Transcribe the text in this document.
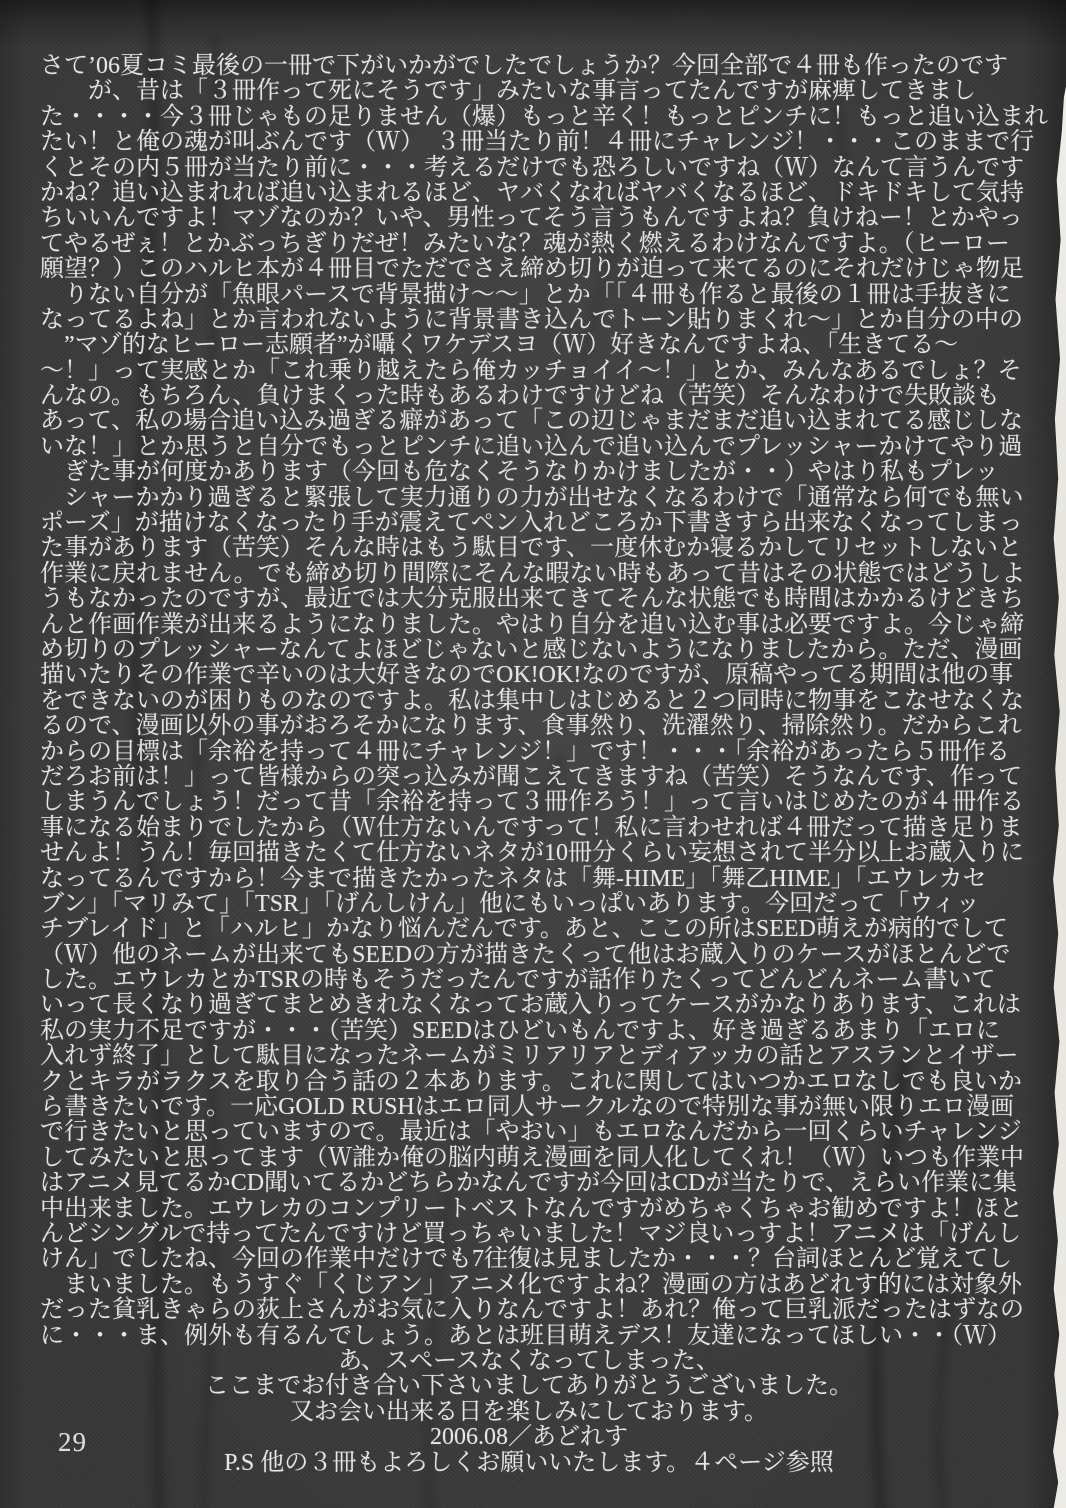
さて’06夏コミ最後の一冊で下がいかがでしたでしょうか？今回全部で４冊も作ったのです
　　が、昔は「３冊作って死にそうです」みたいな事言ってたんですが麻痺してきまし
た・・・・今３冊じゃもの足りません（爆）もっと辛く！もっとピンチに！もっと追い込まれ
たい！と俺の魂が叫ぶんです（Ｗ）　３冊当たり前！４冊にチャレンジ！・・・このままで行
くとその内５冊が当たり前に・・・考えるだけでも恐ろしいですね（Ｗ）なんて言うんです
かね？追い込まれれば追い込まれるほど、ヤバくなればヤバくなるほど、ドキドキして気持
ちいいんですよ！マゾなのか？いや、男性ってそう言うもんですよね？負けねー！とかやっ
てやるぜぇ！とかぶっちぎりだぜ！みたいな？魂が熱く燃えるわけなんですよ。（ヒーロー
願望？）このハルヒ本が４冊目でただでさえ締め切りが迫って来てるのにそれだけじゃ物足
　りない自分が「魚眼パースで背景描け〜〜」とか「「４冊も作ると最後の１冊は手抜きに
なってるよね」とか言われないように背景書き込んでトーン貼りまくれ〜」とか自分の中の
　”マゾ的なヒーロー志願者”が囁くワケデスヨ（Ｗ）好きなんですよね、「生きてる〜
〜！」って実感とか「これ乗り越えたら俺カッチョイイ〜！」とか、みんなあるでしょ？そ
んなの。もちろん、負けまくった時もあるわけですけどね（苦笑）そんなわけで失敗談も
あって、私の場合追い込み過ぎる癖があって「この辺じゃまだまだ追い込まれてる感じしな
いな！」とか思うと自分でもっとピンチに追い込んで追い込んでプレッシャーかけてやり過
　ぎた事が何度かあります（今回も危なくそうなりかけましたが・・）やはり私もプレッ
　シャーかかり過ぎると緊張して実力通りの力が出せなくなるわけで「通常なら何でも無い
ポーズ」が描けなくなったり手が震えてペン入れどころか下書きすら出来なくなってしまっ
た事があります（苦笑）そんな時はもう駄目です、一度休むか寝るかしてリセットしないと
作業に戻れません。でも締め切り間際にそんな暇ない時もあって昔はその状態ではどうしよ
うもなかったのですが、最近では大分克服出来てきてそんな状態でも時間はかかるけどきち
んと作画作業が出来るようになりました。やはり自分を追い込む事は必要ですよ。今じゃ締
め切りのプレッシャーなんてよほどじゃないと感じないようになりましたから。ただ、漫画
描いたりその作業で辛いのは大好きなのでOK!OK!なのですが、原稿やってる期間は他の事
をできないのが困りものなのですよ。私は集中しはじめると２つ同時に物事をこなせなくな
るので、漫画以外の事がおろそかになります、食事然り、洗濯然り、掃除然り。だからこれ
からの目標は「余裕を持って４冊にチャレンジ！」です！・・・「余裕があったら５冊作る
だろお前は！」って皆様からの突っ込みが聞こえてきますね（苦笑）そうなんです、作って
しまうんでしょう！だって昔「余裕を持って３冊作ろう！」って言いはじめたのが４冊作る
事になる始まりでしたから（Ｗ仕方ないんですって！私に言わせれば４冊だって描き足りま
せんよ！うん！毎回描きたくて仕方ないネタが10冊分くらい妄想されて半分以上お蔵入りに
なってるんですから！今まで描きたかったネタは「舞-HIME」「舞乙HIME」「エウレカセ
ブン」「マリみて」「TSR」「げんしけん」他にもいっぱいあります。今回だって「ウィッ
チブレイド」と「ハルヒ」かなり悩んだんです。あと、ここの所はSEED萌えが病的でして
（Ｗ）他のネームが出来てもSEEDの方が描きたくって他はお蔵入りのケースがほとんどで
した。エウレカとかTSRの時もそうだったんですが話作りたくってどんどんネーム書いて
いって長くなり過ぎてまとめきれなくなってお蔵入りってケースがかなりあります、これは
私の実力不足ですが・・・（苦笑）SEEDはひどいもんですよ、好き過ぎるあまり「エロに
入れず終了」として駄目になったネームがミリアリアとディアッカの話とアスランとイザー
クとキラがラクスを取り合う話の２本あります。これに関してはいつかエロなしでも良いか
ら書きたいです。一応GOLD RUSHはエロ同人サークルなので特別な事が無い限りエロ漫画
で行きたいと思っていますので。最近は「やおい」もエロなんだから一回くらいチャレンジ
してみたいと思ってます（Ｗ誰か俺の脳内萌え漫画を同人化してくれ！（Ｗ）いつも作業中
はアニメ見てるかCD聞いてるかどちらかなんですが今回はCDが当たりで、えらい作業に集
中出来ました。エウレカのコンプリートベストなんですがめちゃくちゃお勧めですよ！ほと
んどシングルで持ってたんですけど買っちゃいました！マジ良いっすよ！アニメは「げんし
けん」でしたね、今回の作業中だけでも7往復は見ましたか・・・？台詞ほとんど覚えてし
　まいました。もうすぐ「くじアン」アニメ化ですよね？漫画の方はあどれす的には対象外
だった貧乳きゃらの荻上さんがお気に入りなんですよ！あれ？俺って巨乳派だったはずなの
に・・・ま、例外も有るんでしょう。あとは班目萌えデス！友達になってほしい・・（Ｗ）
あ、スペースなくなってしまった、
ここまでお付き合い下さいましてありがとうございました。
又お会い出来る日を楽しみにしております。
2006.08／あどれす
P.S 他の３冊もよろしくお願いいたします。４ページ参照
29
